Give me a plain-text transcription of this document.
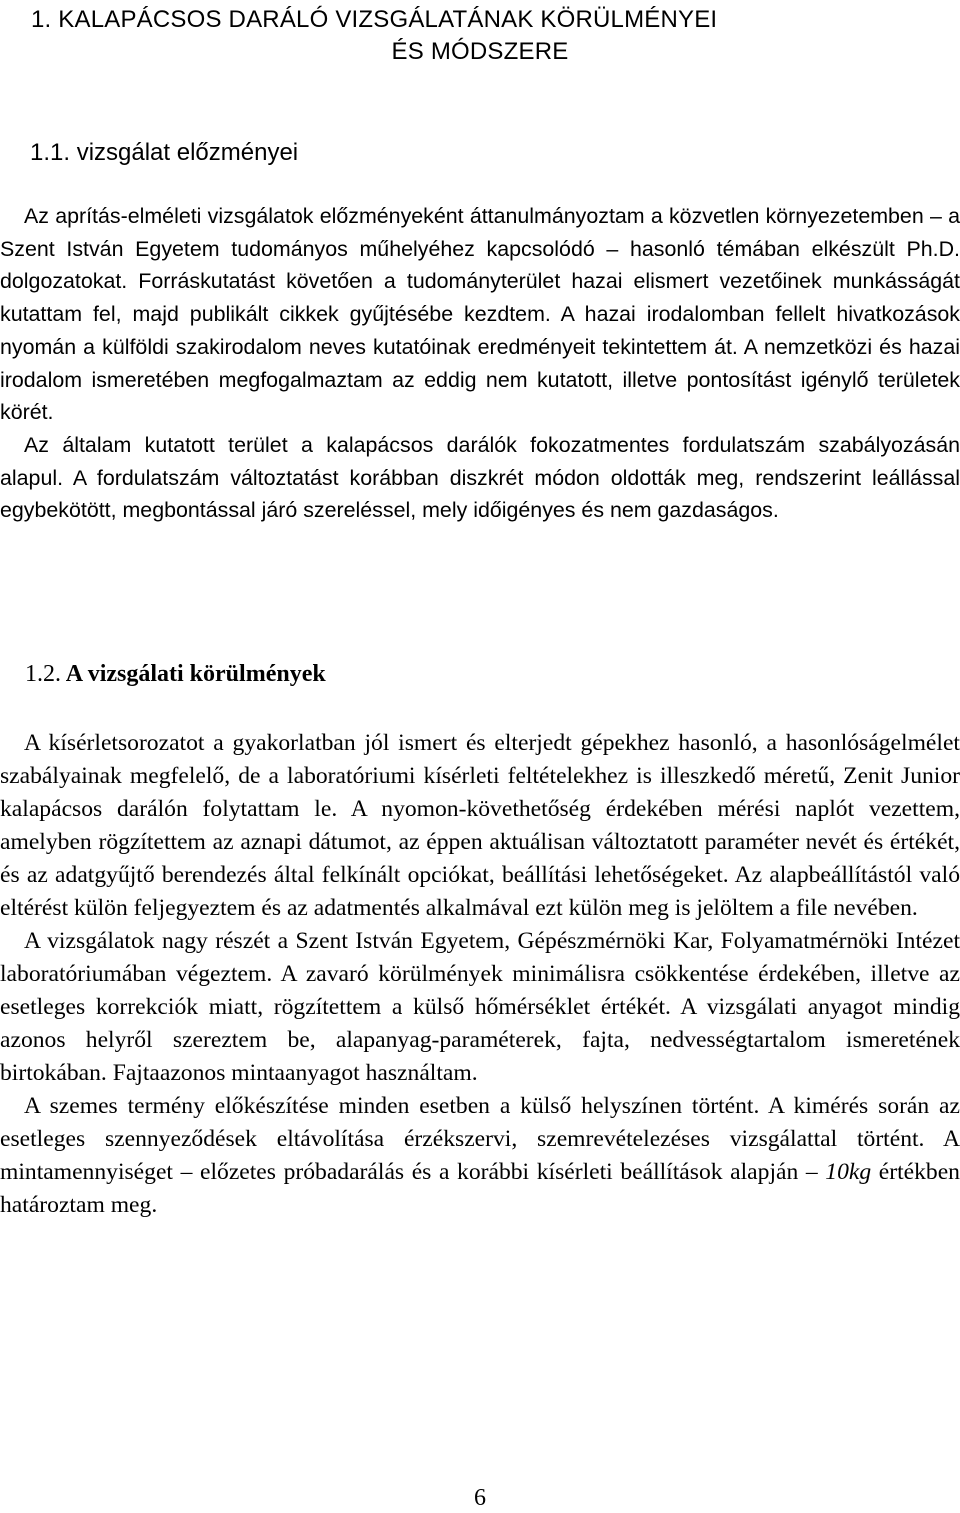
1. KALAPÁCSOS DARÁLÓ VIZSGÁLATÁNAK KÖRÜLMÉNYEI
ÉS MÓDSZERE
1.1. vizsgálat előzményei

Az aprítás-elméleti vizsgálatok előzményeként áttanulmányoztam a közvetlen környezetemben – a Szent István Egyetem tudományos műhelyéhez kapcsolódó – hasonló témában elkészült Ph.D. dolgozatokat. Forráskutatást követően a tudományterület hazai elismert vezetőinek munkásságát kutattam fel, majd publikált cikkek gyűjtésébe kezdtem. A hazai irodalomban fellelt hivatkozások nyomán a külföldi szakirodalom neves kutatóinak eredményeit tekintettem át. A nemzetközi és hazai irodalom ismeretében megfogalmaztam az eddig nem kutatott, illetve pontosítást igénylő területek körét.

Az általam kutatott terület a kalapácsos darálók fokozatmentes fordulatszám szabályozásán alapul. A fordulatszám változtatást korábban diszkrét módon oldották meg, rendszerint leállással egybekötött, megbontással járó szereléssel, mely időigényes és nem gazdaságos.

1.2. A vizsgálati körülmények

A kísérletsorozatot a gyakorlatban jól ismert és elterjedt gépekhez hasonló, a hasonlóságelmélet szabályainak megfelelő, de a laboratóriumi kísérleti feltételekhez is illeszkedő méretű, Zenit Junior kalapácsos darálón folytattam le. A nyomon-követhetőség érdekében mérési naplót vezettem, amelyben rögzítettem az aznapi dátumot, az éppen aktuálisan változtatott paraméter nevét és értékét, és az adatgyűjtő berendezés által felkínált opciókat, beállítási lehetőségeket. Az alapbeállítástól való eltérést külön feljegyeztem és az adatmentés alkalmával ezt külön meg is jelöltem a file nevében.

A vizsgálatok nagy részét a Szent István Egyetem, Gépészmérnöki Kar, Folyamatmérnöki Intézet laboratóriumában végeztem. A zavaró körülmények minimálisra csökkentése érdekében, illetve az esetleges korrekciók miatt, rögzítettem a külső hőmérséklet értékét. A vizsgálati anyagot mindig azonos helyről szereztem be, alapanyag-paraméterek, fajta, nedvességtartalom ismeretének birtokában. Fajtaazonos mintaanyagot használtam.

A szemes termény előkészítése minden esetben a külső helyszínen történt. A kimérés során az esetleges szennyeződések eltávolítása érzékszervi, szemrevételezéses vizsgálattal történt. A mintamennyiséget – előzetes próbadarálás és a korábbi kísérleti beállítások alapján – 10kg értékben határoztam meg.

6
